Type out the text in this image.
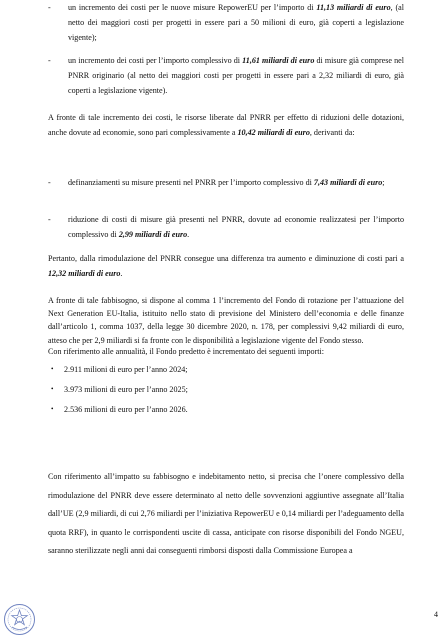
- un incremento dei costi per le nuove misure RepowerEU per l’importo di 11,13 miliardi di euro, (al netto dei maggiori costi per progetti in essere pari a 50 milioni di euro, già coperti a legislazione vigente);
- un incremento dei costi per l’importo complessivo di 11,61 miliardi di euro di misure già comprese nel PNRR originario (al netto dei maggiori costi per progetti in essere pari a 2,32 miliardi di euro, già coperti a legislazione vigente).
A fronte di tale incremento dei costi, le risorse liberate dal PNRR per effetto di riduzioni delle dotazioni, anche dovute ad economie, sono pari complessivamente a 10,42 miliardi di euro, derivanti da:
- definanziamenti su misure presenti nel PNRR per l’importo complessivo di 7,43 miliardi di euro;
- riduzione di costi di misure già presenti nel PNRR, dovute ad economie realizzatesi per l’importo complessivo di 2,99 miliardi di euro.
Pertanto, dalla rimodulazione del PNRR consegue una differenza tra aumento e diminuzione di costi pari a 12,32 miliardi di euro.
A fronte di tale fabbisogno, si dispone al comma 1 l’incremento del Fondo di rotazione per l’attuazione del Next Generation EU-Italia, istituito nello stato di previsione del Ministero dell’economia e delle finanze dall’articolo 1, comma 1037, della legge 30 dicembre 2020, n. 178, per complessivi 9,42 miliardi di euro, atteso che per 2,9 miliardi si fa fronte con le disponibilità a legislazione vigente del Fondo stesso.
Con riferimento alle annualità, il Fondo predetto è incrementato dei seguenti importi:
• 2.911 milioni di euro per l’anno 2024;
• 3.973 milioni di euro per l’anno 2025;
• 2.536 milioni di euro per l’anno 2026.
Con riferimento all’impatto su fabbisogno e indebitamento netto, si precisa che l’onere complessivo della rimodulazione del PNRR deve essere determinato al netto delle sovvenzioni aggiuntive assegnate all’Italia dall’UE (2,9 miliardi, di cui 2,76 miliardi per l’iniziativa RepowerEU e 0,14 miliardi per l’adeguamento della quota RRF), in quanto le corrispondenti uscite di cassa, anticipate con risorse disponibili del Fondo NGEU, saranno sterilizzate negli anni dai conseguenti rimborsi disposti dalla Commissione Europea a
4
